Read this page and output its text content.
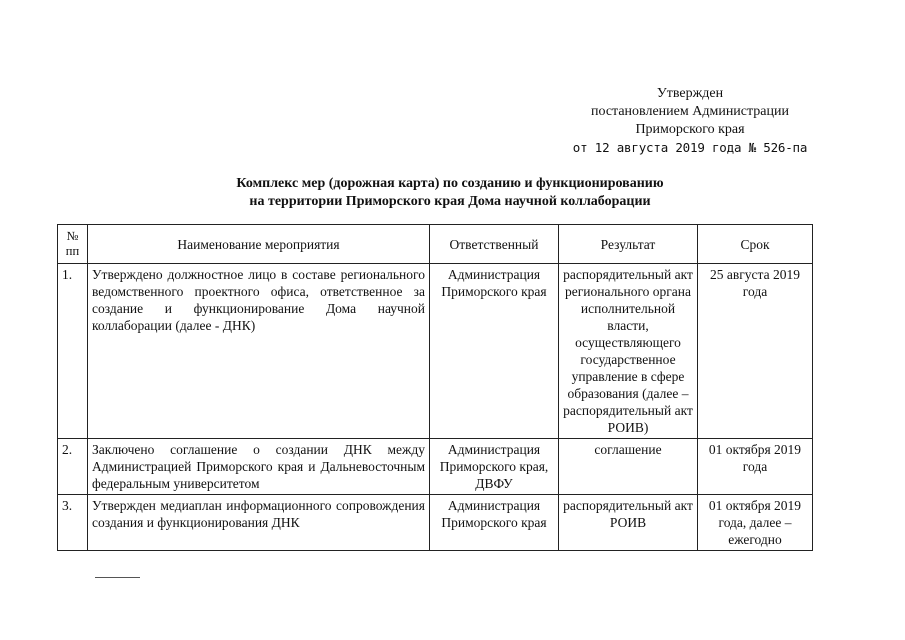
Утвержден
постановлением Администрации
Приморского края
от 12 августа 2019 года № 526-па
Комплекс мер (дорожная карта) по созданию и функционированию
на территории Приморского края Дома научной коллаборации
№
пп	Наименование мероприятия	Ответственный	Результат	Срок
1.	Утверждено должностное лицо в составе регионального ведомственного проектного офиса, ответственное за создание и функционирование Дома научной коллаборации (далее - ДНК)	Администрация Приморского края	распорядительный акт регионального органа исполнительной власти, осуществляющего государственное управление в сфере образования (далее – распорядительный акт РОИВ)	25 августа 2019 года
2.	Заключено соглашение о создании ДНК между Администрацией Приморского края и Дальневосточным федеральным университетом	Администрация Приморского края, ДВФУ	соглашение	01 октября 2019 года
3.	Утвержден медиаплан информационного сопровождения создания и функционирования ДНК	Администрация Приморского края	распорядительный акт РОИВ	01 октября 2019 года, далее – ежегодно
